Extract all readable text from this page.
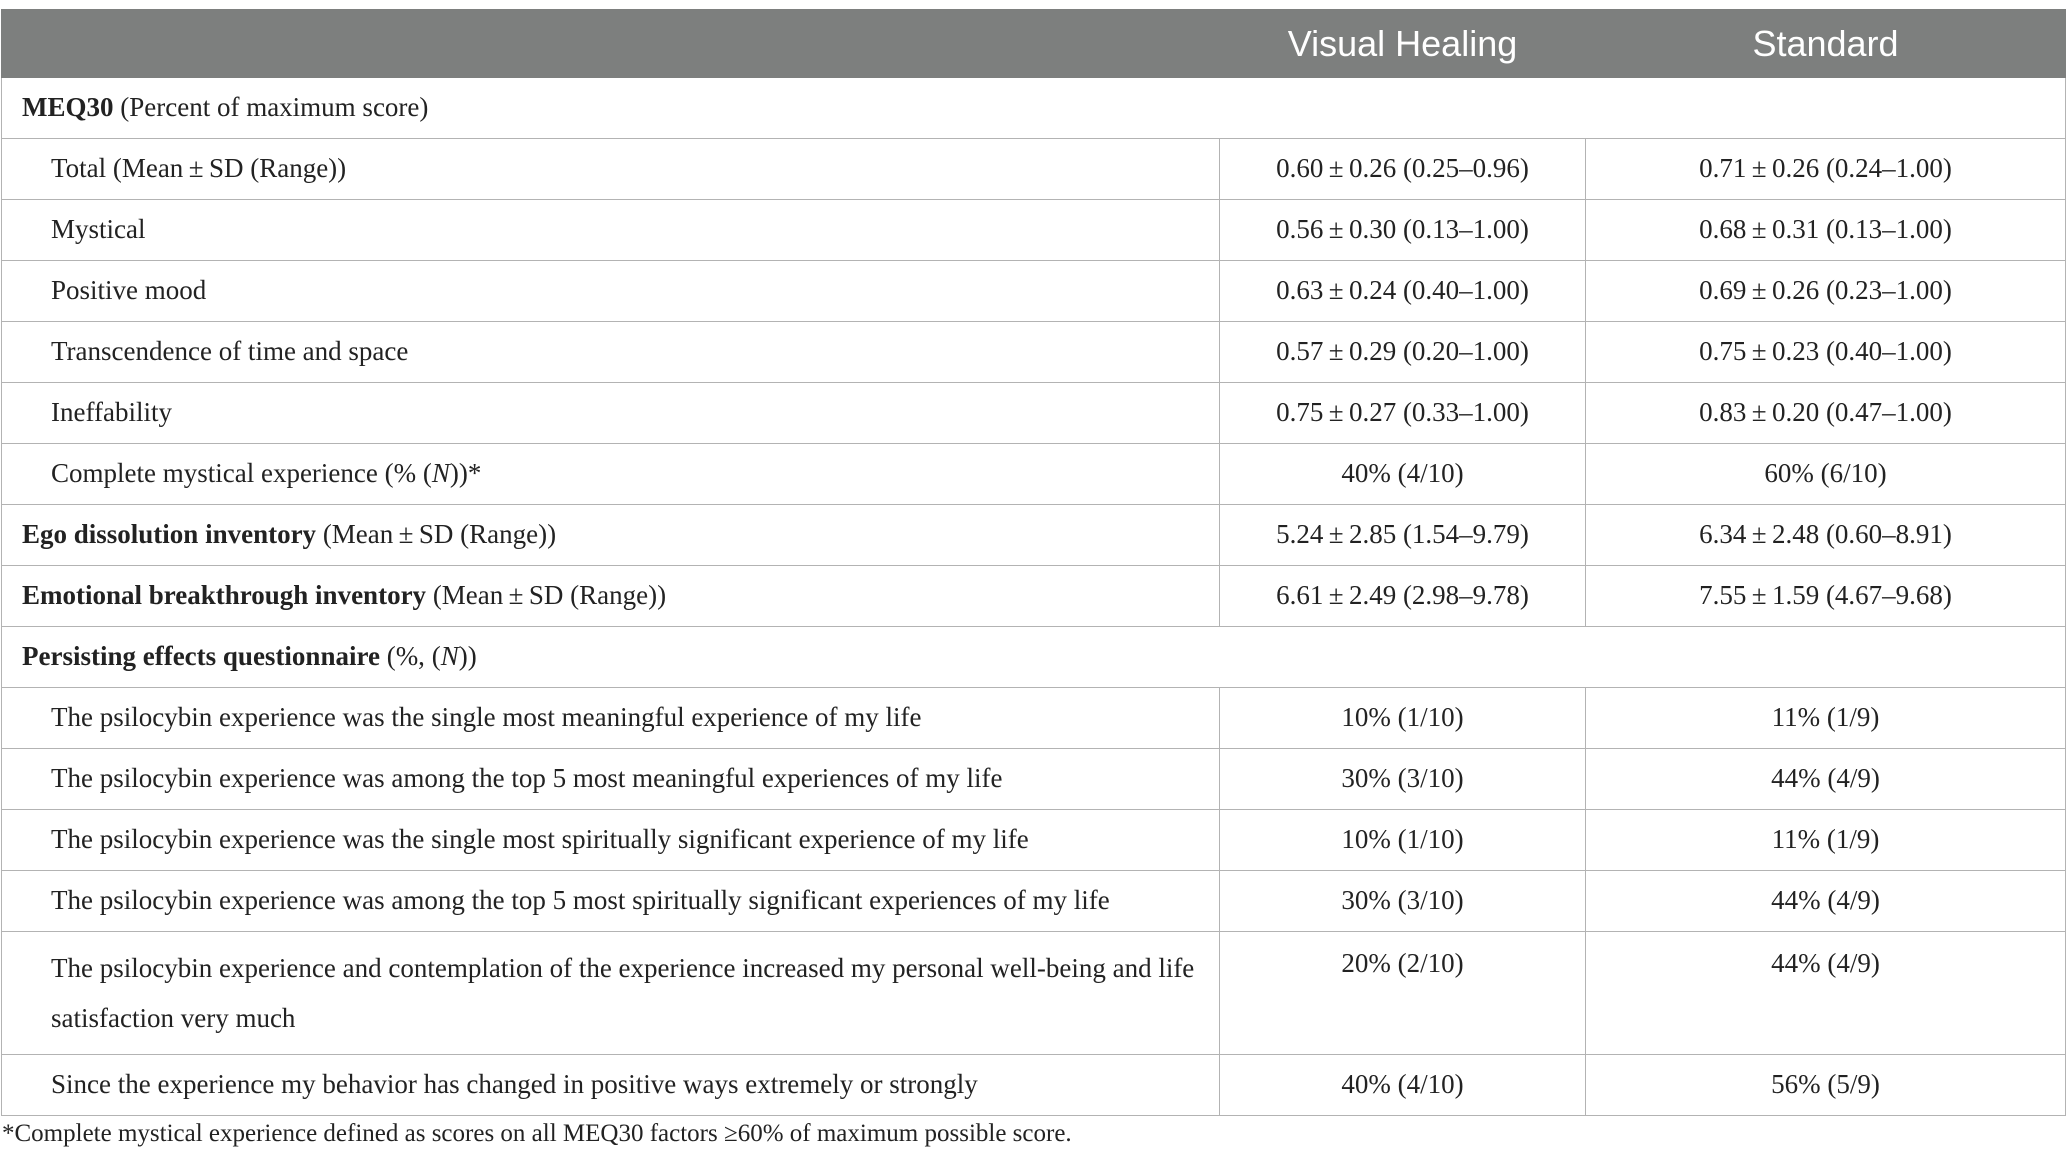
	Visual Healing	Standard
MEQ30 (Percent of maximum score)		
Total (Mean ± SD (Range))	0.60 ± 0.26 (0.25–0.96)	0.71 ± 0.26 (0.24–1.00)
Mystical	0.56 ± 0.30 (0.13–1.00)	0.68 ± 0.31 (0.13–1.00)
Positive mood	0.63 ± 0.24 (0.40–1.00)	0.69 ± 0.26 (0.23–1.00)
Transcendence of time and space	0.57 ± 0.29 (0.20–1.00)	0.75 ± 0.23 (0.40–1.00)
Ineffability	0.75 ± 0.27 (0.33–1.00)	0.83 ± 0.20 (0.47–1.00)
Complete mystical experience (% (N))*	40% (4/10)	60% (6/10)
Ego dissolution inventory (Mean ± SD (Range))	5.24 ± 2.85 (1.54–9.79)	6.34 ± 2.48 (0.60–8.91)
Emotional breakthrough inventory (Mean ± SD (Range))	6.61 ± 2.49 (2.98–9.78)	7.55 ± 1.59 (4.67–9.68)
Persisting effects questionnaire (%, (N))		
The psilocybin experience was the single most meaningful experience of my life	10% (1/10)	11% (1/9)
The psilocybin experience was among the top 5 most meaningful experiences of my life	30% (3/10)	44% (4/9)
The psilocybin experience was the single most spiritually significant experience of my life	10% (1/10)	11% (1/9)
The psilocybin experience was among the top 5 most spiritually significant experiences of my life	30% (3/10)	44% (4/9)
The psilocybin experience and contemplation of the experience increased my personal well-being and life satisfaction very much	20% (2/10)	44% (4/9)
Since the experience my behavior has changed in positive ways extremely or strongly	40% (4/10)	56% (5/9)
*Complete mystical experience defined as scores on all MEQ30 factors ≥60% of maximum possible score.
